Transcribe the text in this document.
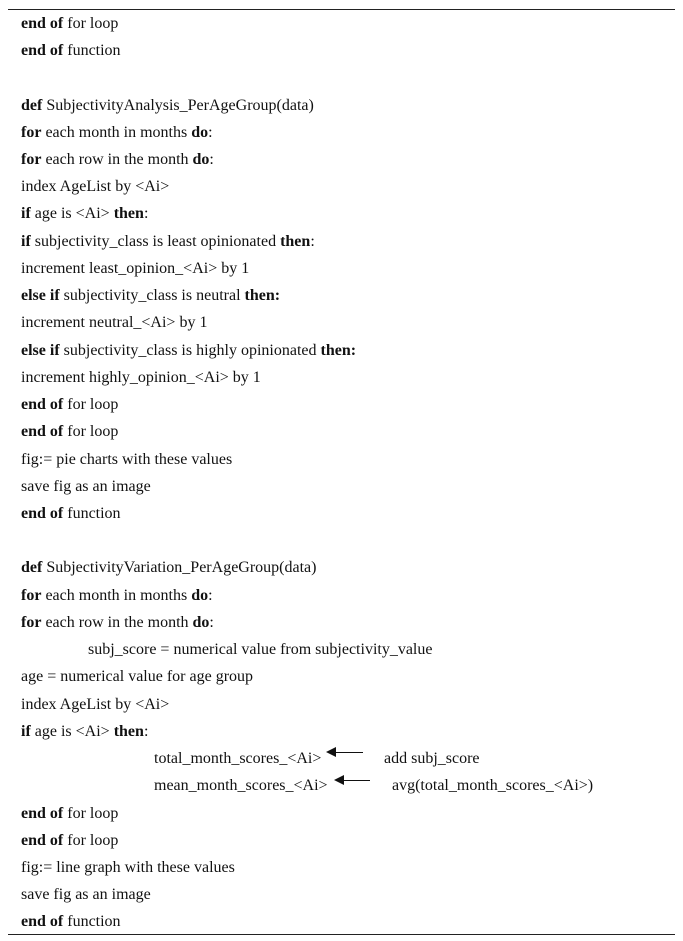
end of for loop
end of function
def SubjectivityAnalysis_PerAgeGroup(data)
for each month in months do:
for each row in the month do:
index AgeList by <Ai>
if age is <Ai> then:
if subjectivity_class is least opinionated then:
increment least_opinion_<Ai> by 1
else if subjectivity_class is neutral then:
increment neutral_<Ai> by 1
else if subjectivity_class is highly opinionated then:
increment highly_opinion_<Ai> by 1
end of for loop
end of for loop
fig:= pie charts with these values
save fig as an image
end of function
def SubjectivityVariation_PerAgeGroup(data)
for each month in months do:
for each row in the month do:
subj_score = numerical value from subjectivity_value
age = numerical value for age group
index AgeList by <Ai>
if age is <Ai> then:
total_month_scores_<Ai>	add subj_score
mean_month_scores_<Ai>	avg(total_month_scores_<Ai>)
end of for loop
end of for loop
fig:= line graph with these values
save fig as an image
end of function
